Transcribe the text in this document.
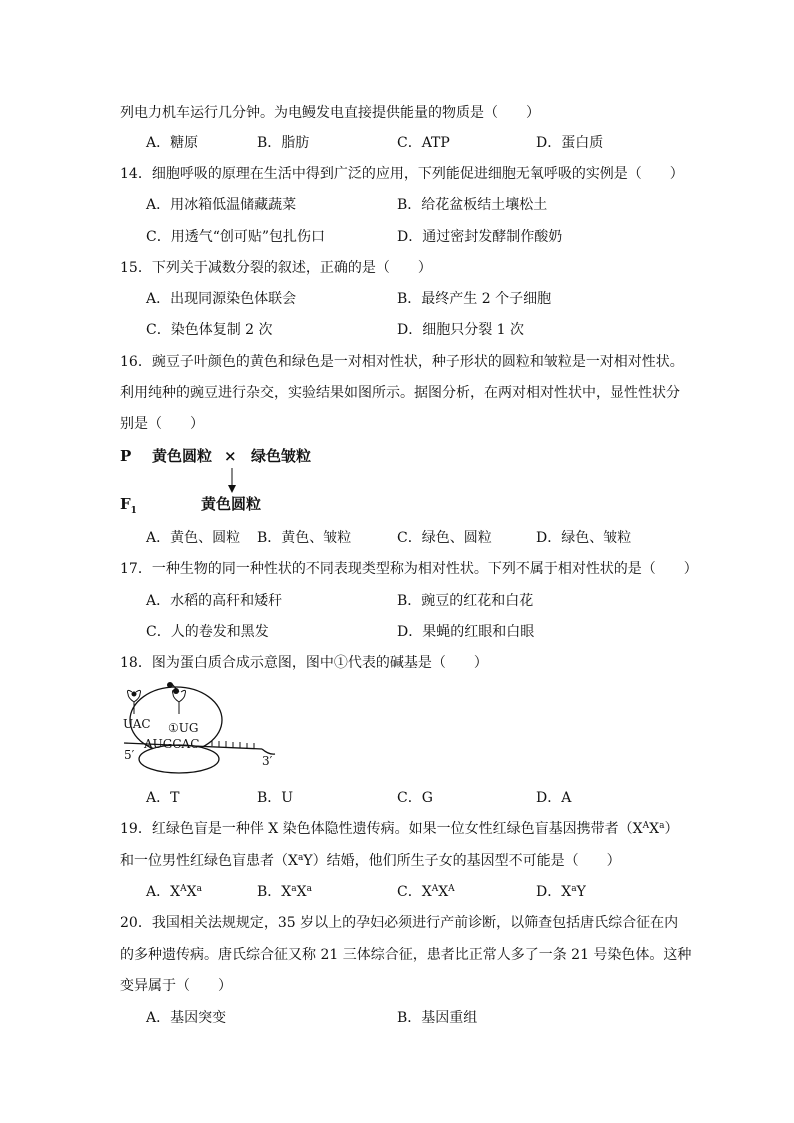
列电力机车运行几分钟。为电鳗发电直接提供能量的物质是（　　）
A．糖原	B．脂肪	C．ATP	D．蛋白质
14．细胞呼吸的原理在生活中得到广泛的应用，下列能促进细胞无氧呼吸的实例是（　　）
A．用冰箱低温储藏蔬菜	B．给花盆板结土壤松土
C．用透气“创可贴”包扎伤口	D．通过密封发酵制作酸奶
15．下列关于减数分裂的叙述，正确的是（　　）
A．出现同源染色体联会	B．最终产生 2 个子细胞
C．染色体复制 2 次	D．细胞只分裂 1 次
16．豌豆子叶颜色的黄色和绿色是一对相对性状，种子形状的圆粒和皱粒是一对相对性状。
利用纯种的豌豆进行杂交，实验结果如图所示。据图分析，在两对相对性状中，显性性状分
别是（　　）
P 黄色圆粒 × 绿色皱粒
$F_1$	黄色圆粒
A．黄色、圆粒 B．黄色、皱粒	C．绿色、圆粒	D．绿色、皱粒
17．一种生物的同一种性状的不同表现类型称为相对性状。下列不属于相对性状的是（　　）
A．水稻的高秆和矮秆	B．豌豆的红花和白花
C．人的卷发和黑发	D．果蝇的红眼和白眼
18．图为蛋白质合成示意图，图中①代表的碱基是（　　）
UAC ①UG
AUGCAC
5′	3′
A．T	B．U	C．G	D．A
19．红绿色盲是一种伴 X 染色体隐性遗传病。如果一位女性红绿色盲基因携带者$(X^AX^a)$
和一位男性红绿色盲患者$(X^aY)$结婚，他们所生子女的基因型不可能是（　　）
A．$X^AX^a$	B．$X^aX^a$	C．$X^AX^A$	D．$X^aY$
20．我国相关法规规定，35 岁以上的孕妇必须进行产前诊断，以筛查包括唐氏综合征在内
的多种遗传病。唐氏综合征又称 21 三体综合征，患者比正常人多了一条 21 号染色体。这种
变异属于（　　）
A．基因突变	B．基因重组
